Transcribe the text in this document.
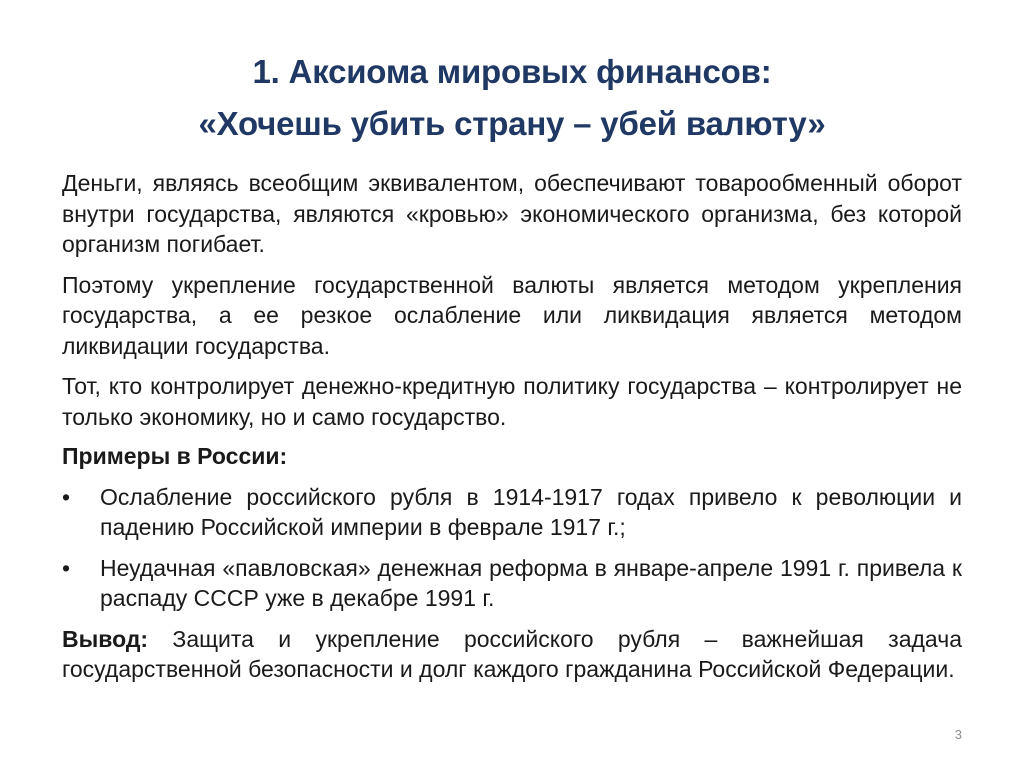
1. Аксиома мировых финансов:
«Хочешь убить страну – убей валюту»

Деньги, являясь всеобщим эквивалентом, обеспечивают товарообменный оборот внутри государства, являются «кровью» экономического организма, без которой организм погибает.

Поэтому укрепление государственной валюты является методом укрепления государства, а ее резкое ослабление или ликвидация является методом ликвидации государства.

Тот, кто контролирует денежно-кредитную политику государства – контролирует не только экономику, но и само государство.

Примеры в России:
• Ослабление российского рубля в 1914-1917 годах привело к революции и падению Российской империи в феврале 1917 г.;
• Неудачная «павловская» денежная реформа в январе-апреле 1991 г. привела к распаду СССР уже в декабре 1991 г.

Вывод: Защита и укрепление российского рубля – важнейшая задача государственной безопасности и долг каждого гражданина Российской Федерации.

3
